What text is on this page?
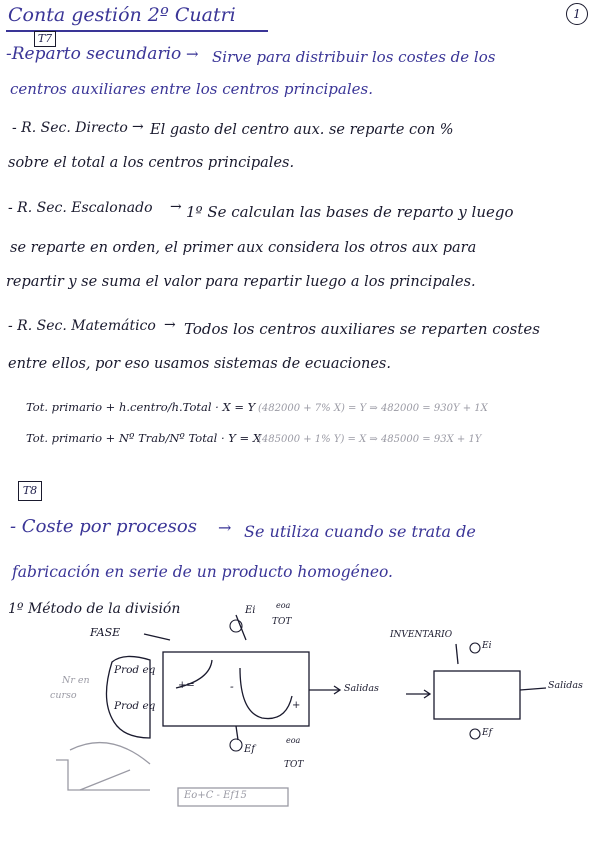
Conta gestión 2º Cuatri	1
T7
-Reparto secundario → Sirve para distribuir los costes de los
centros auxiliares entre los centros principales.
- R. Sec. Directo → El gasto del centro aux. se reparte con %
sobre el total a los centros principales.
- R. Sec. Escalonado → 1º Se calculan las bases de reparto y luego
se reparte en orden, el primer aux considera los otros aux para
repartir y se suma el valor para repartir luego a los principales.
- R. Sec. Matemático → Todos los centros auxiliares se reparten costes
entre ellos, por eso usamos sistemas de ecuaciones.
Tot. primario + h.centro/h.Total · X = Y (482000 + 7% X) = Y ⇒ 482000 = 930Y + 1X
Tot. primario + Nº Trab/Nº Total · Y = X
(485000 + 1% Y) = X ⇒ 485000 = 93X + 1Y
T8
- Coste por procesos → Se utiliza cuando se trata de
fabricación en serie de un producto homogéneo.
1º Método de la división
FASE
Ei	eoa
TOT
Nr en
curso
Prod eq
Prod eq
+=	-
+
Salidas
Ef
eoa
TOT
INVENTARIO
Ei
Salidas
Ef
Eo+C - Ef15
